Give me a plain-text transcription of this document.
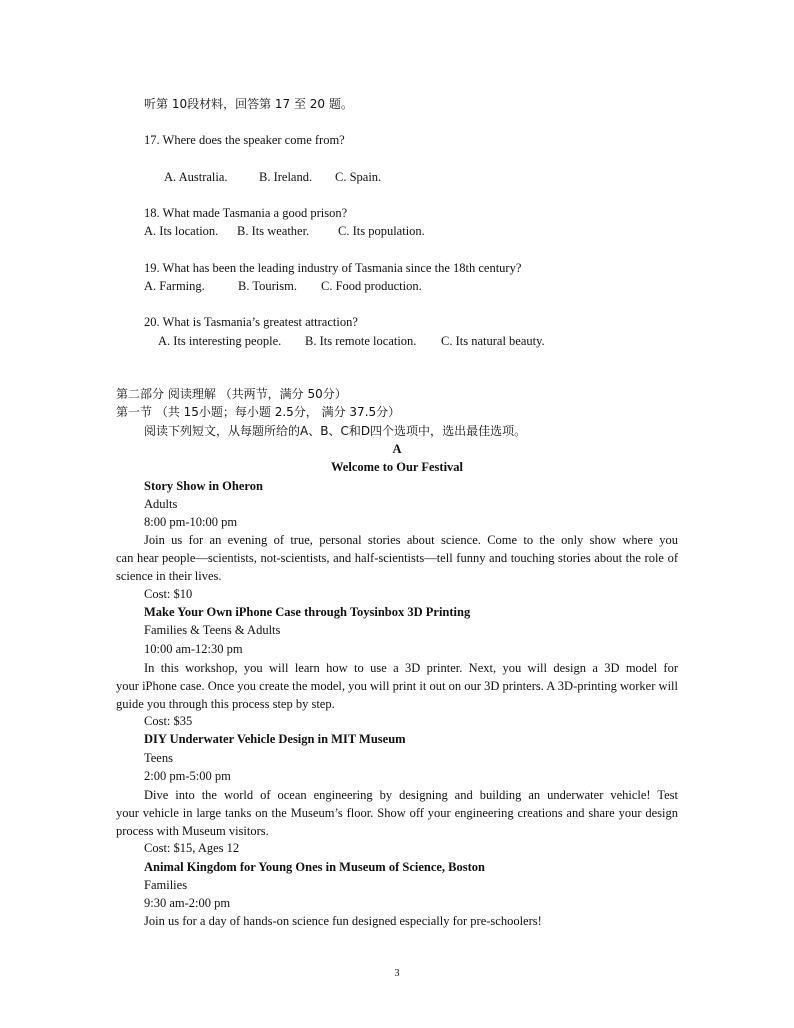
听第 10段材料，回答第 17 至 20 题。
17. Where does the speaker come from?
A. Australia.	B. Ireland. C. Spain.
18. What made Tasmania a good prison?
A. Its location. B. Its weather. C. Its population.
19. What has been the leading industry of Tasmania since the 18th century?
A. Farming.	B. Tourism. C. Food production.
20. What is Tasmania’s greatest attraction?
A. Its interesting people. B. Its remote location. C. Its natural beauty.
第二部分 阅读理解 （共两节，满分 50分）
第一节 （共 15小题；每小题 2.5分， 满分 37.5分）
阅读下列短文，从每题所给的A、B、C和D四个选项中，选出最佳选项。
A
Welcome to Our Festival
Story Show in Oheron
Adults
8:00 pm-10:00 pm
Join us for an evening of true, personal stories about science. Come to the only show where you
can hear people—scientists, not-scientists, and half-scientists—tell funny and touching stories about the role of science in their lives.
Cost: $10
Make Your Own iPhone Case through Toysinbox 3D Printing
Families & Teens & Adults
10:00 am-12:30 pm
In this workshop, you will learn how to use a 3D printer. Next, you will design a 3D model for
your iPhone case. Once you create the model, you will print it out on our 3D printers. A 3D-printing worker will guide you through this process step by step.
Cost: $35
DIY Underwater Vehicle Design in MIT Museum
Teens
2:00 pm-5:00 pm
Dive into the world of ocean engineering by designing and building an underwater vehicle! Test
your vehicle in large tanks on the Museum’s floor. Show off your engineering creations and share your design process with Museum visitors.
Cost: $15, Ages 12
Animal Kingdom for Young Ones in Museum of Science, Boston
Families
9:30 am-2:00 pm
Join us for a day of hands-on science fun designed especially for pre-schoolers!
3
